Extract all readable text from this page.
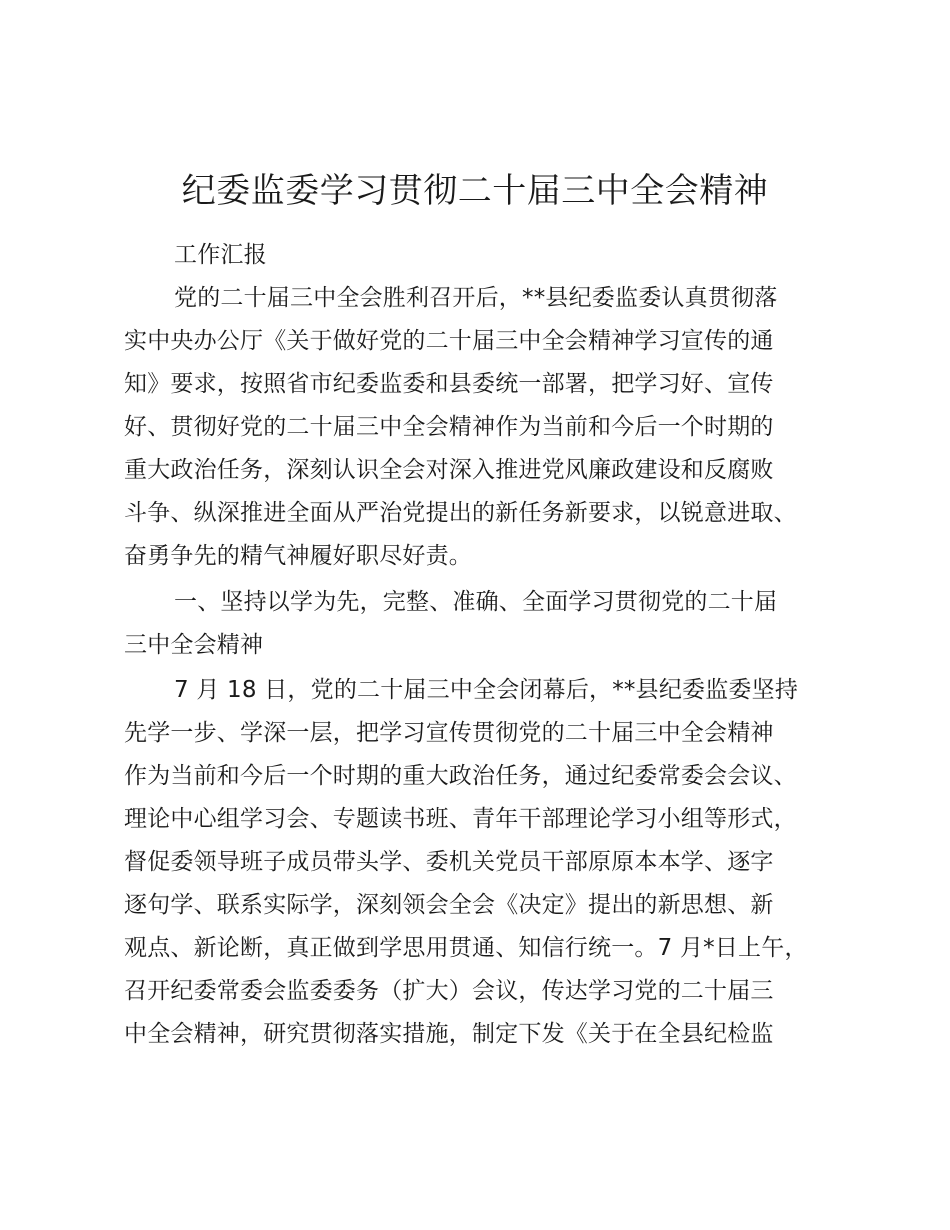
纪委监委学习贯彻二十届三中全会精神
工作汇报
党的二十届三中全会胜利召开后，**县纪委监委认真贯彻落
实中央办公厅《关于做好党的二十届三中全会精神学习宣传的通
知》要求，按照省市纪委监委和县委统一部署，把学习好、宣传
好、贯彻好党的二十届三中全会精神作为当前和今后一个时期的
重大政治任务，深刻认识全会对深入推进党风廉政建设和反腐败
斗争、纵深推进全面从严治党提出的新任务新要求，以锐意进取、
奋勇争先的精气神履好职尽好责。
一、坚持以学为先，完整、准确、全面学习贯彻党的二十届
三中全会精神
7 月 18 日，党的二十届三中全会闭幕后，**县纪委监委坚持
先学一步、学深一层，把学习宣传贯彻党的二十届三中全会精神
作为当前和今后一个时期的重大政治任务，通过纪委常委会会议、
理论中心组学习会、专题读书班、青年干部理论学习小组等形式，
督促委领导班子成员带头学、委机关党员干部原原本本学、逐字
逐句学、联系实际学，深刻领会全会《决定》提出的新思想、新
观点、新论断，真正做到学思用贯通、知信行统一。7 月*日上午，
召开纪委常委会监委委务（扩大）会议，传达学习党的二十届三
中全会精神，研究贯彻落实措施，制定下发《关于在全县纪检监
